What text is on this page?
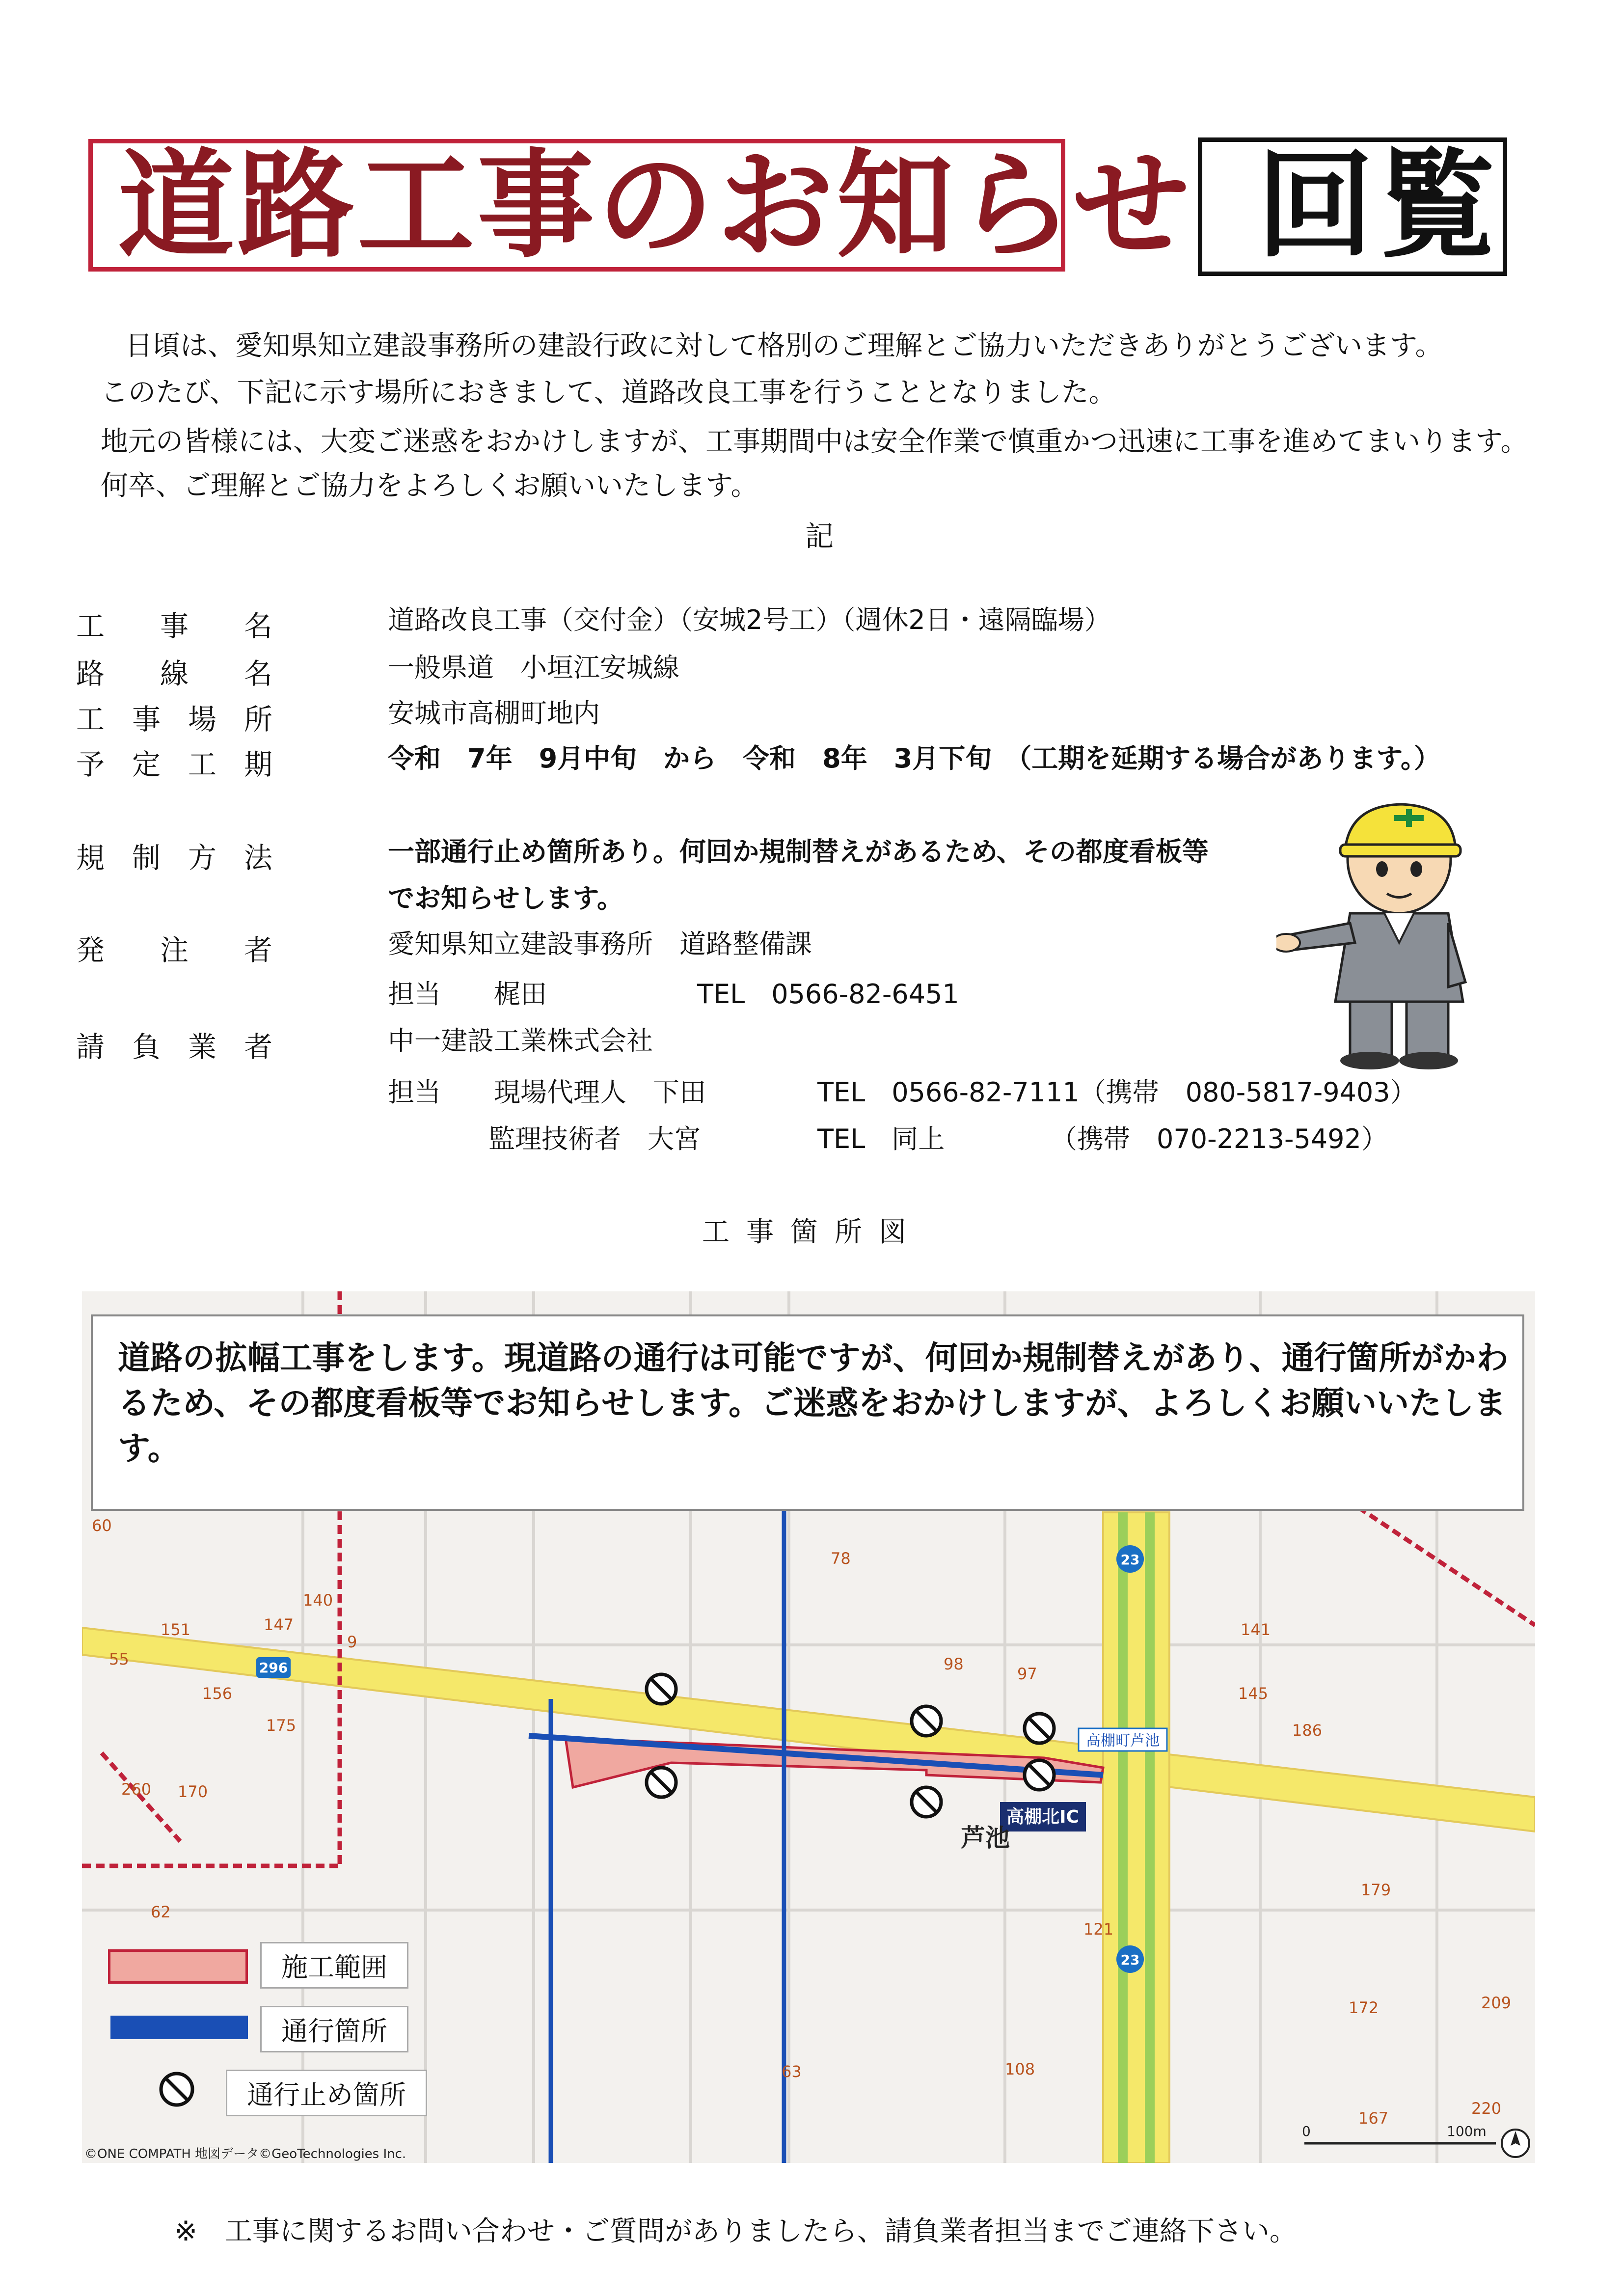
道路工事のお知らせ 回覧
日頃は、愛知県知立建設事務所の建設行政に対して格別のご理解とご協力いただきありがとうございます。
このたび、下記に示す場所におきまして、道路改良工事を行うこととなりました。
地元の皆様には、大変ご迷惑をおかけしますが、工事期間中は安全作業で慎重かつ迅速に工事を進めてまいります。
何卒、ご理解とご協力をよろしくお願いいたします。
記
工 事 名	道路改良工事（交付金）（安城2号工）（週休2日・遠隔臨場）
路 線 名	一般県道　小垣江安城線
工 事 場 所	安城市高棚町地内
予 定 工 期	令和　7年　9月中旬　から　令和　8年　3月下旬　（工期を延期する場合があります。）
規 制 方 法	一部通行止め箇所あり。何回か規制替えがあるため、その都度看板等
でお知らせします。
発 注 者	愛知県知立建設事務所　道路整備課
担当　　梶田	TEL　0566-82-6451
請 負 業 者	中一建設工業株式会社
担当　　現場代理人　下田	TEL　0566-82-7111（携帯　080-5817-9403）
監理技術者　大宮	TEL　同上	（携帯　070-2213-5492）
工事箇所図
296
23
23
高棚北IC
高棚町芦池
芦池
60
140
151	147
9
55
156
175
260 170
62
78
98
97
141
145
186
179
121
172	209
63	108
167
220
0	100m
©ONE COMPATH 地図データ©GeoTechnologies Inc.
道路の拡幅工事をします。現道路の通行は可能ですが、何回か規制替えがあり、通行箇所がかわるため、その都度看板等でお知らせします。ご迷惑をおかけしますが、よろしくお願いいたします。
施工範囲
通行箇所
通行止め箇所
※　工事に関するお問い合わせ・ご質問がありましたら、請負業者担当までご連絡下さい。
